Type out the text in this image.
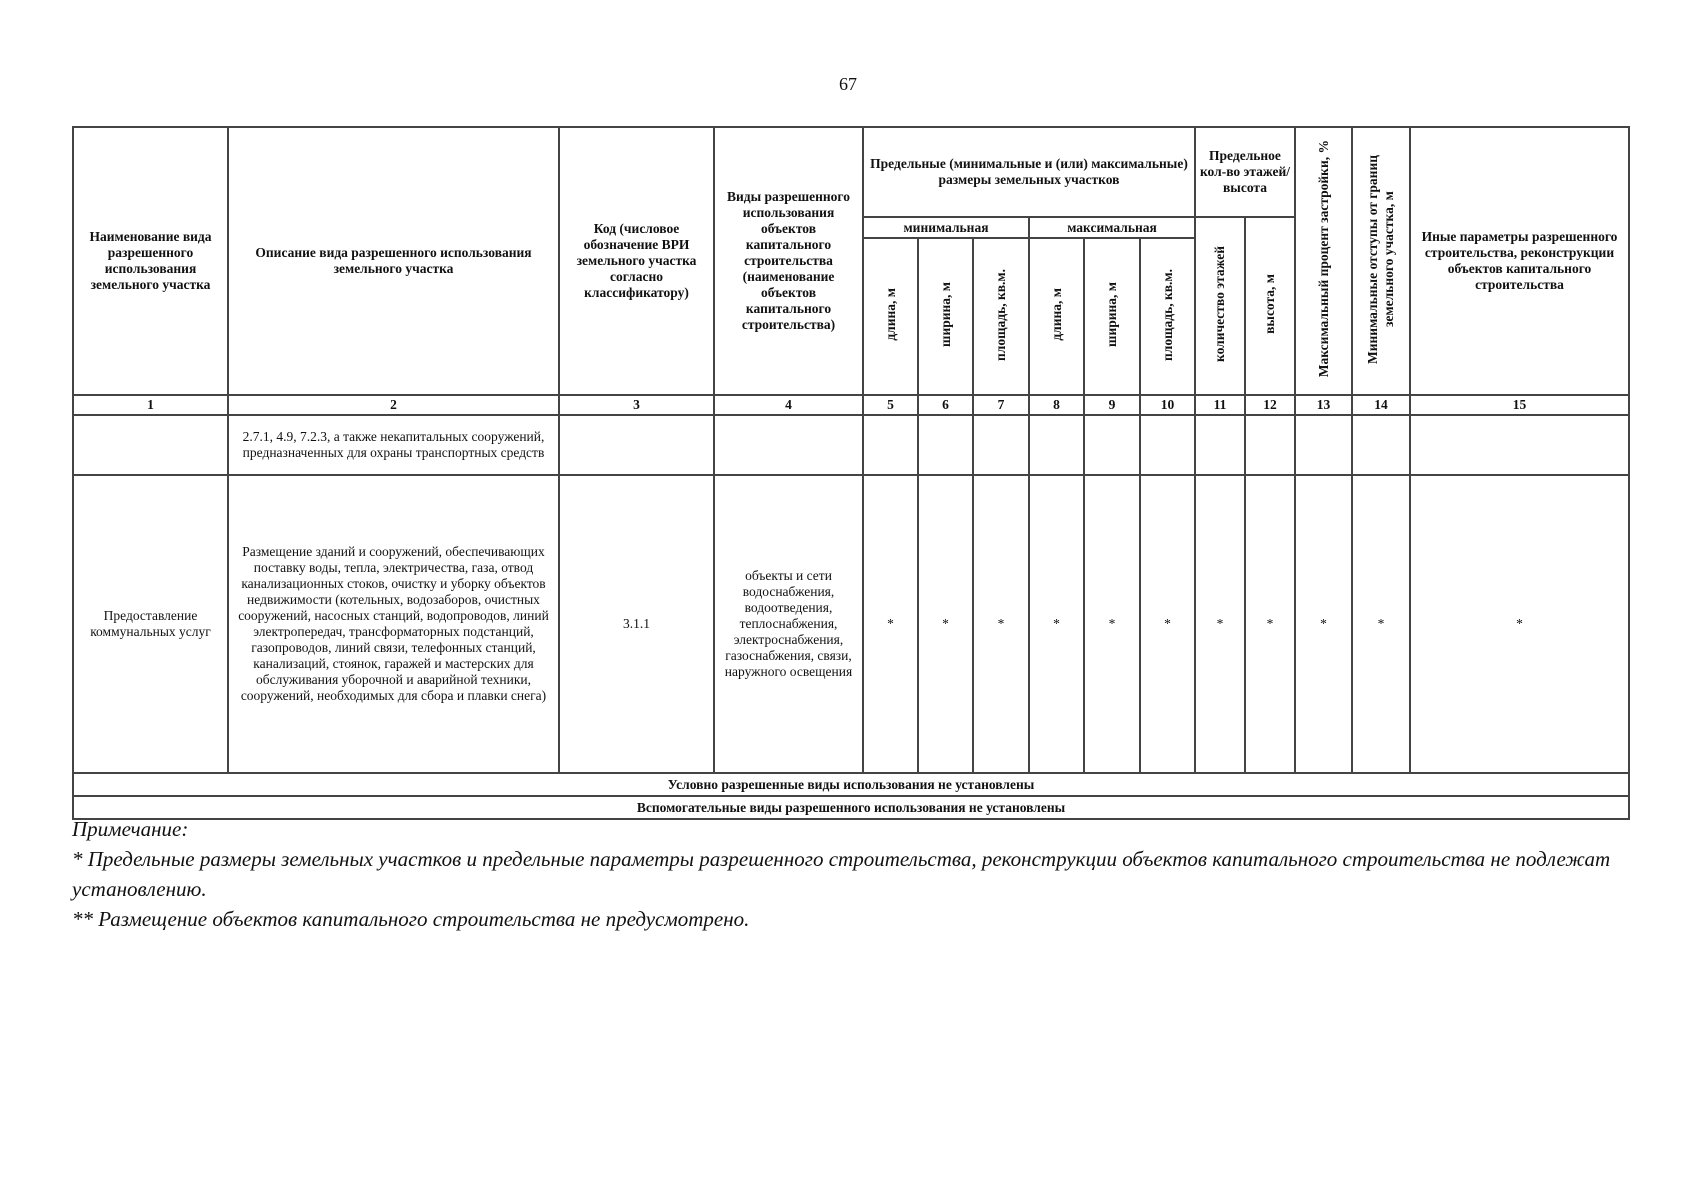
67
Наименование вида разрешенного использования земельного участка	Описание вида разрешенного использования земельного участка	Код (числовое обозначение ВРИ земельного участка согласно классификатору)	Виды разрешенного использования объектов капитального строительства (наименование объектов капитального строительства)	Предельные (минимальные и (или) максимальные) размеры земельных участков						Предельное кол-во этажей/ высота		Максимальный процент застройки, %	Минимальные отступы от границ земельного участка, м	Иные параметры разрешенного строительства, реконструкции объектов капитального строительства
				минимальная			максимальная			количество этажей	высота, м			
				длина, м	ширина, м	площадь, кв.м.	длина, м	ширина, м	площадь, кв.м.					
1	2	3	4	5	6	7	8	9	10	11	12	13	14	15
	2.7.1, 4.9, 7.2.3, а также некапитальных сооружений, предназначенных для охраны транспортных средств													
Предоставление коммунальных услуг	Размещение зданий и сооружений, обеспечивающих поставку воды, тепла, электричества, газа, отвод канализационных стоков, очистку и уборку объектов недвижимости (котельных, водозаборов, очистных сооружений, насосных станций, водопроводов, линий электропередач, трансформаторных подстанций, газопроводов, линий связи, телефонных станций, канализаций, стоянок, гаражей и мастерских для обслуживания уборочной и аварийной техники, сооружений, необходимых для сбора и плавки снега)	3.1.1	объекты и сети водоснабжения, водоотведения, теплоснабжения, электроснабжения, газоснабжения, связи, наружного освещения	*	*	*	*	*	*	*	*	*	*	*
Условно разрешенные виды использования не установлены														
Вспомогательные виды разрешенного использования не установлены														
Примечание:
* Предельные размеры земельных участков и предельные параметры разрешенного строительства, реконструкции объектов капитального строительства не подлежат установлению.
** Размещение объектов капитального строительства не предусмотрено.
